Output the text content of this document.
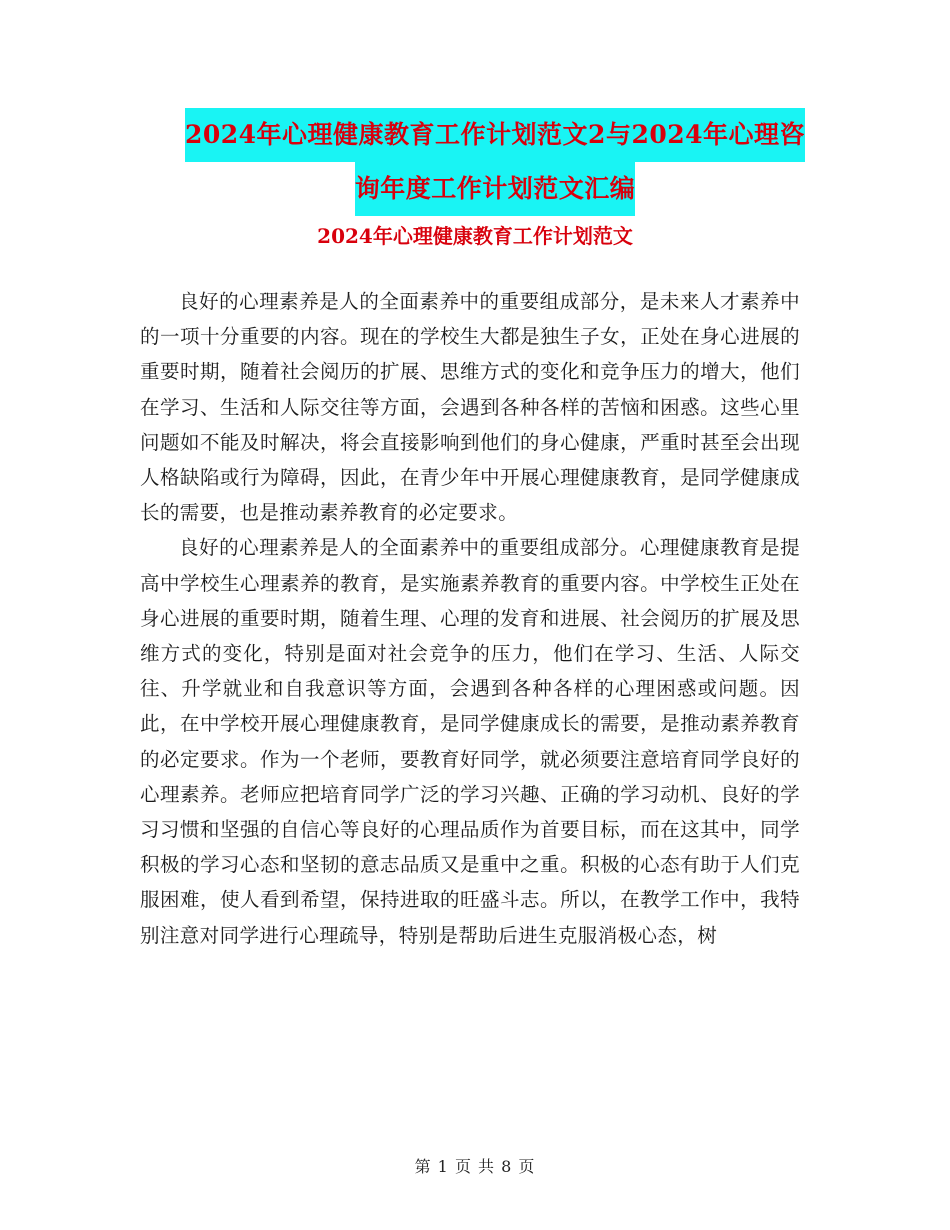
2024年心理健康教育工作计划范文2与2024年心理咨
询年度工作计划范文汇编
2024年心理健康教育工作计划范文

良好的心理素养是人的全面素养中的重要组成部分，是未来人才素养中的一项十分重要的内容。现在的学校生大都是独生子女，正处在身心进展的重要时期，随着社会阅历的扩展、思维方式的变化和竞争压力的增大，他们在学习、生活和人际交往等方面，会遇到各种各样的苦恼和困惑。这些心里问题如不能及时解决，将会直接影响到他们的身心健康，严重时甚至会出现人格缺陷或行为障碍，因此，在青少年中开展心理健康教育，是同学健康成长的需要，也是推动素养教育的必定要求。

良好的心理素养是人的全面素养中的重要组成部分。心理健康教育是提高中学校生心理素养的教育，是实施素养教育的重要内容。中学校生正处在身心进展的重要时期，随着生理、心理的发育和进展、社会阅历的扩展及思维方式的变化，特别是面对社会竞争的压力，他们在学习、生活、人际交往、升学就业和自我意识等方面，会遇到各种各样的心理困惑或问题。因此，在中学校开展心理健康教育，是同学健康成长的需要，是推动素养教育的必定要求。作为一个老师，要教育好同学，就必须要注意培育同学良好的心理素养。老师应把培育同学广泛的学习兴趣、正确的学习动机、良好的学习习惯和坚强的自信心等良好的心理品质作为首要目标，而在这其中，同学积极的学习心态和坚韧的意志品质又是重中之重。积极的心态有助于人们克服困难，使人看到希望，保持进取的旺盛斗志。所以，在教学工作中，我特别注意对同学进行心理疏导，特别是帮助后进生克服消极心态，树

第 1 页 共 8 页
